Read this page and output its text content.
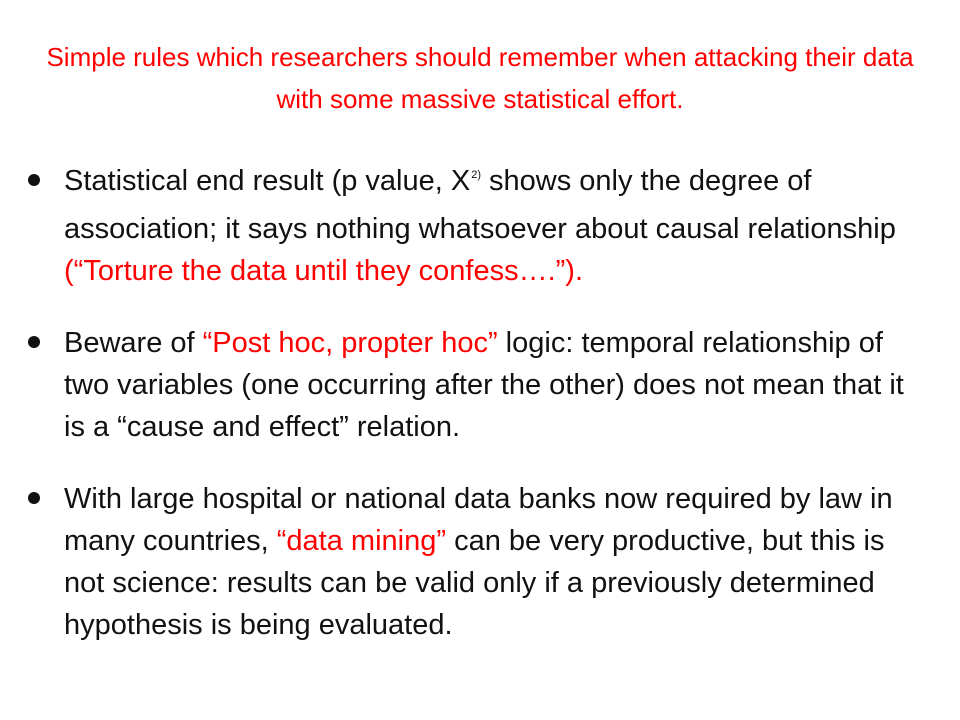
Simple rules which researchers should remember when attacking their data with some massive statistical effort.
Statistical end result (p value, $X^{2)}$ shows only the degree of association; it says nothing whatsoever about causal relationship (“Torture the data until they confess….”).
Beware of “Post hoc, propter hoc” logic: temporal relationship of two variables (one occurring after the other) does not mean that it is a “cause and effect” relation.
With large hospital or national data banks now required by law in many countries, “data mining” can be very productive, but this is not science: results can be valid only if a previously determined hypothesis is being evaluated.
